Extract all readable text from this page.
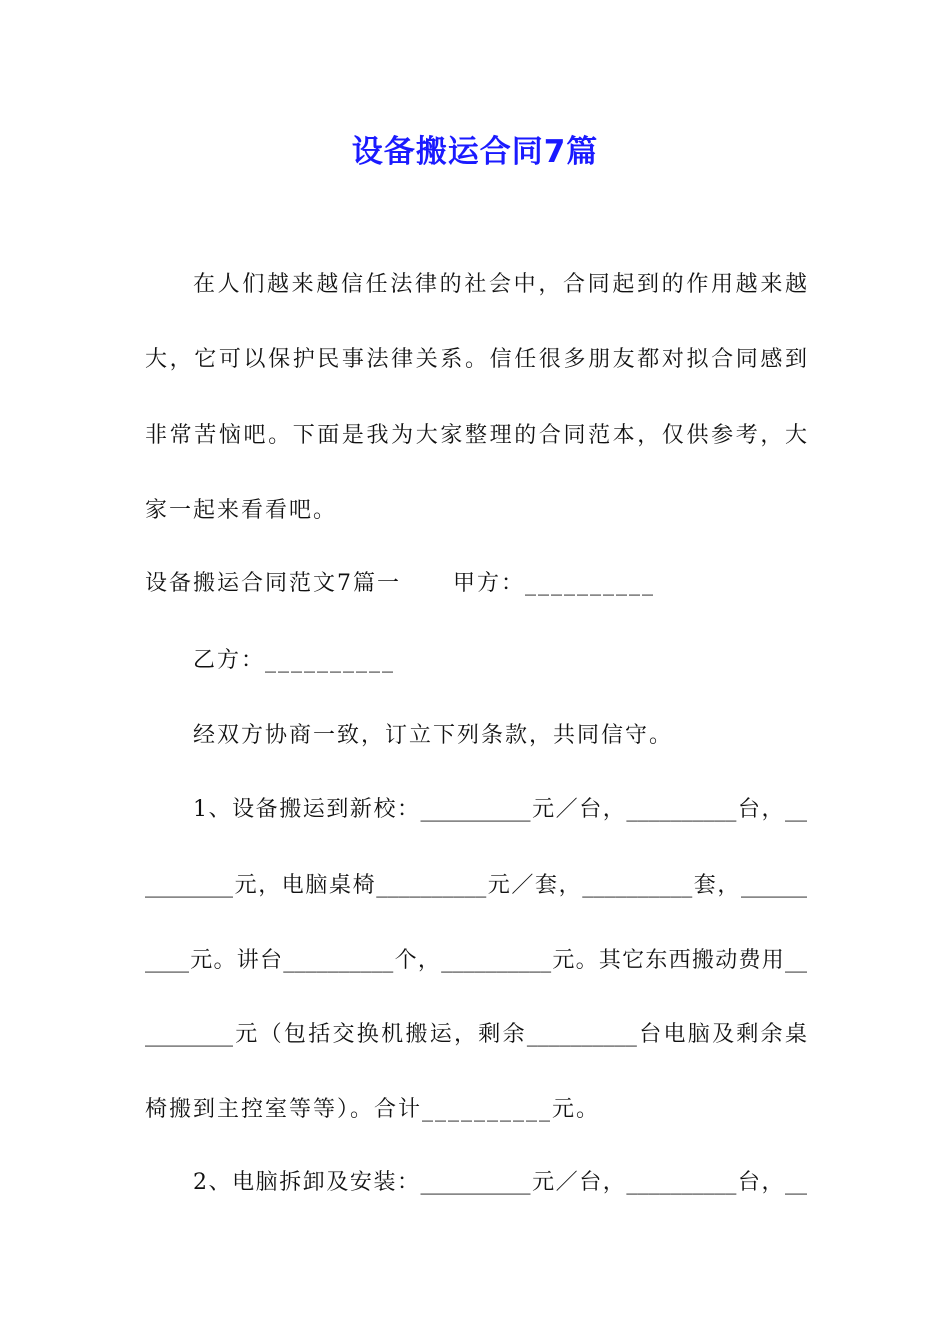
设备搬运合同7篇
在人们越来越信任法律的社会中，合同起到的作用越来越
大，它可以保护民事法律关系。信任很多朋友都对拟合同感到
非常苦恼吧。下面是我为大家整理的合同范本，仅供参考，大
家一起来看看吧。
设备搬运合同范文7篇一 甲方：__________
乙方：__________
经双方协商一致，订立下列条款，共同信守。
1、设备搬运到新校：__________元／台，__________台，__
________元，电脑桌椅__________元／套，__________套，______
____元。讲台__________个，__________元。其它东西搬动费用__
________元（包括交换机搬运，剩余__________台电脑及剩余桌
椅搬到主控室等等）。合计__________元。
2、电脑拆卸及安装：__________元／台，__________台，__
